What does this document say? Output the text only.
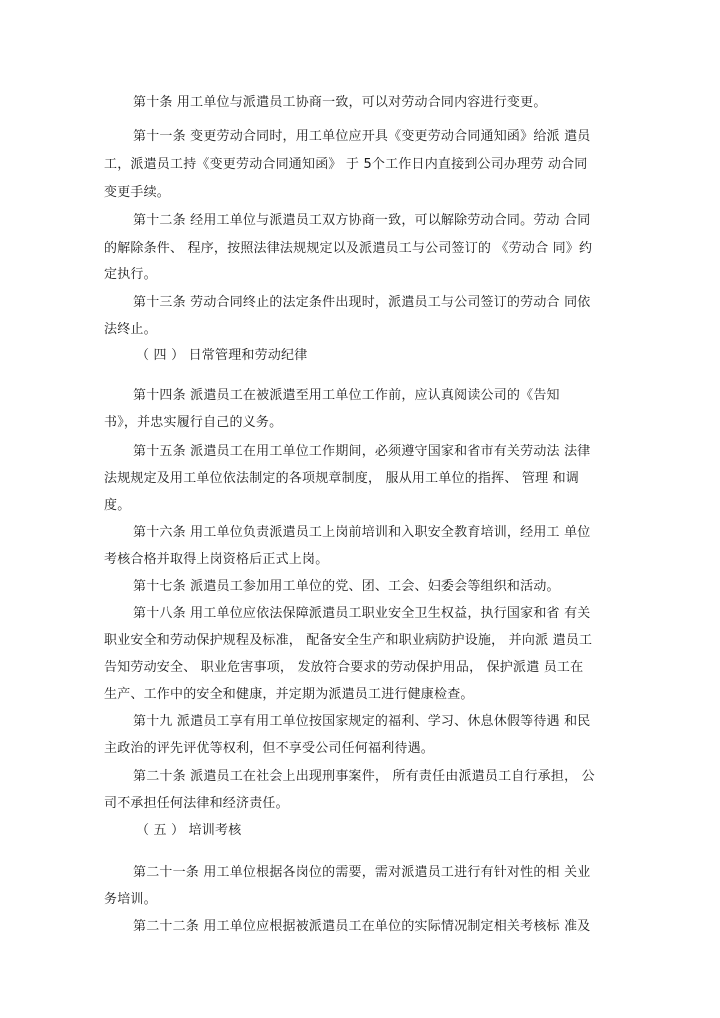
第十条 用工单位与派遣员工协商一致，可以对劳动合同内容进行变更。
第十一条 变更劳动合同时，用工单位应开具《变更劳动合同通知函》给派 遣员
工，派遣员工持《变更劳动合同通知函》 于 5个工作日内直接到公司办理劳 动合同
变更手续。
第十二条 经用工单位与派遣员工双方协商一致，可以解除劳动合同。劳动 合同
的解除条件、 程序，按照法律法规规定以及派遣员工与公司签订的 《劳动合 同》约
定执行。
第十三条 劳动合同终止的法定条件出现时，派遣员工与公司签订的劳动合 同依
法终止。
（ 四 ） 日常管理和劳动纪律
第十四条 派遣员工在被派遣至用工单位工作前，应认真阅读公司的《告知
书》，并忠实履行自己的义务。
第十五条 派遣员工在用工单位工作期间，必须遵守国家和省市有关劳动法 法律
法规规定及用工单位依法制定的各项规章制度， 服从用工单位的指挥、 管理 和调
度。
第十六条 用工单位负责派遣员工上岗前培训和入职安全教育培训，经用工 单位
考核合格并取得上岗资格后正式上岗。
第十七条 派遣员工参加用工单位的党、团、工会、妇委会等组织和活动。
第十八条 用工单位应依法保障派遣员工职业安全卫生权益，执行国家和省 有关
职业安全和劳动保护规程及标准， 配备安全生产和职业病防护设施， 并向派 遣员工
告知劳动安全、 职业危害事项， 发放符合要求的劳动保护用品， 保护派遣 员工在
生产、工作中的安全和健康，并定期为派遣员工进行健康检查。
第十九 派遣员工享有用工单位按国家规定的福利、学习、休息休假等待遇 和民
主政治的评先评优等权利，但不享受公司任何福利待遇。
第二十条 派遣员工在社会上出现刑事案件， 所有责任由派遣员工自行承担， 公
司不承担任何法律和经济责任。
（ 五 ） 培训考核
第二十一条 用工单位根据各岗位的需要，需对派遣员工进行有针对性的相 关业
务培训。
第二十二条 用工单位应根据被派遣员工在单位的实际情况制定相关考核标 准及
